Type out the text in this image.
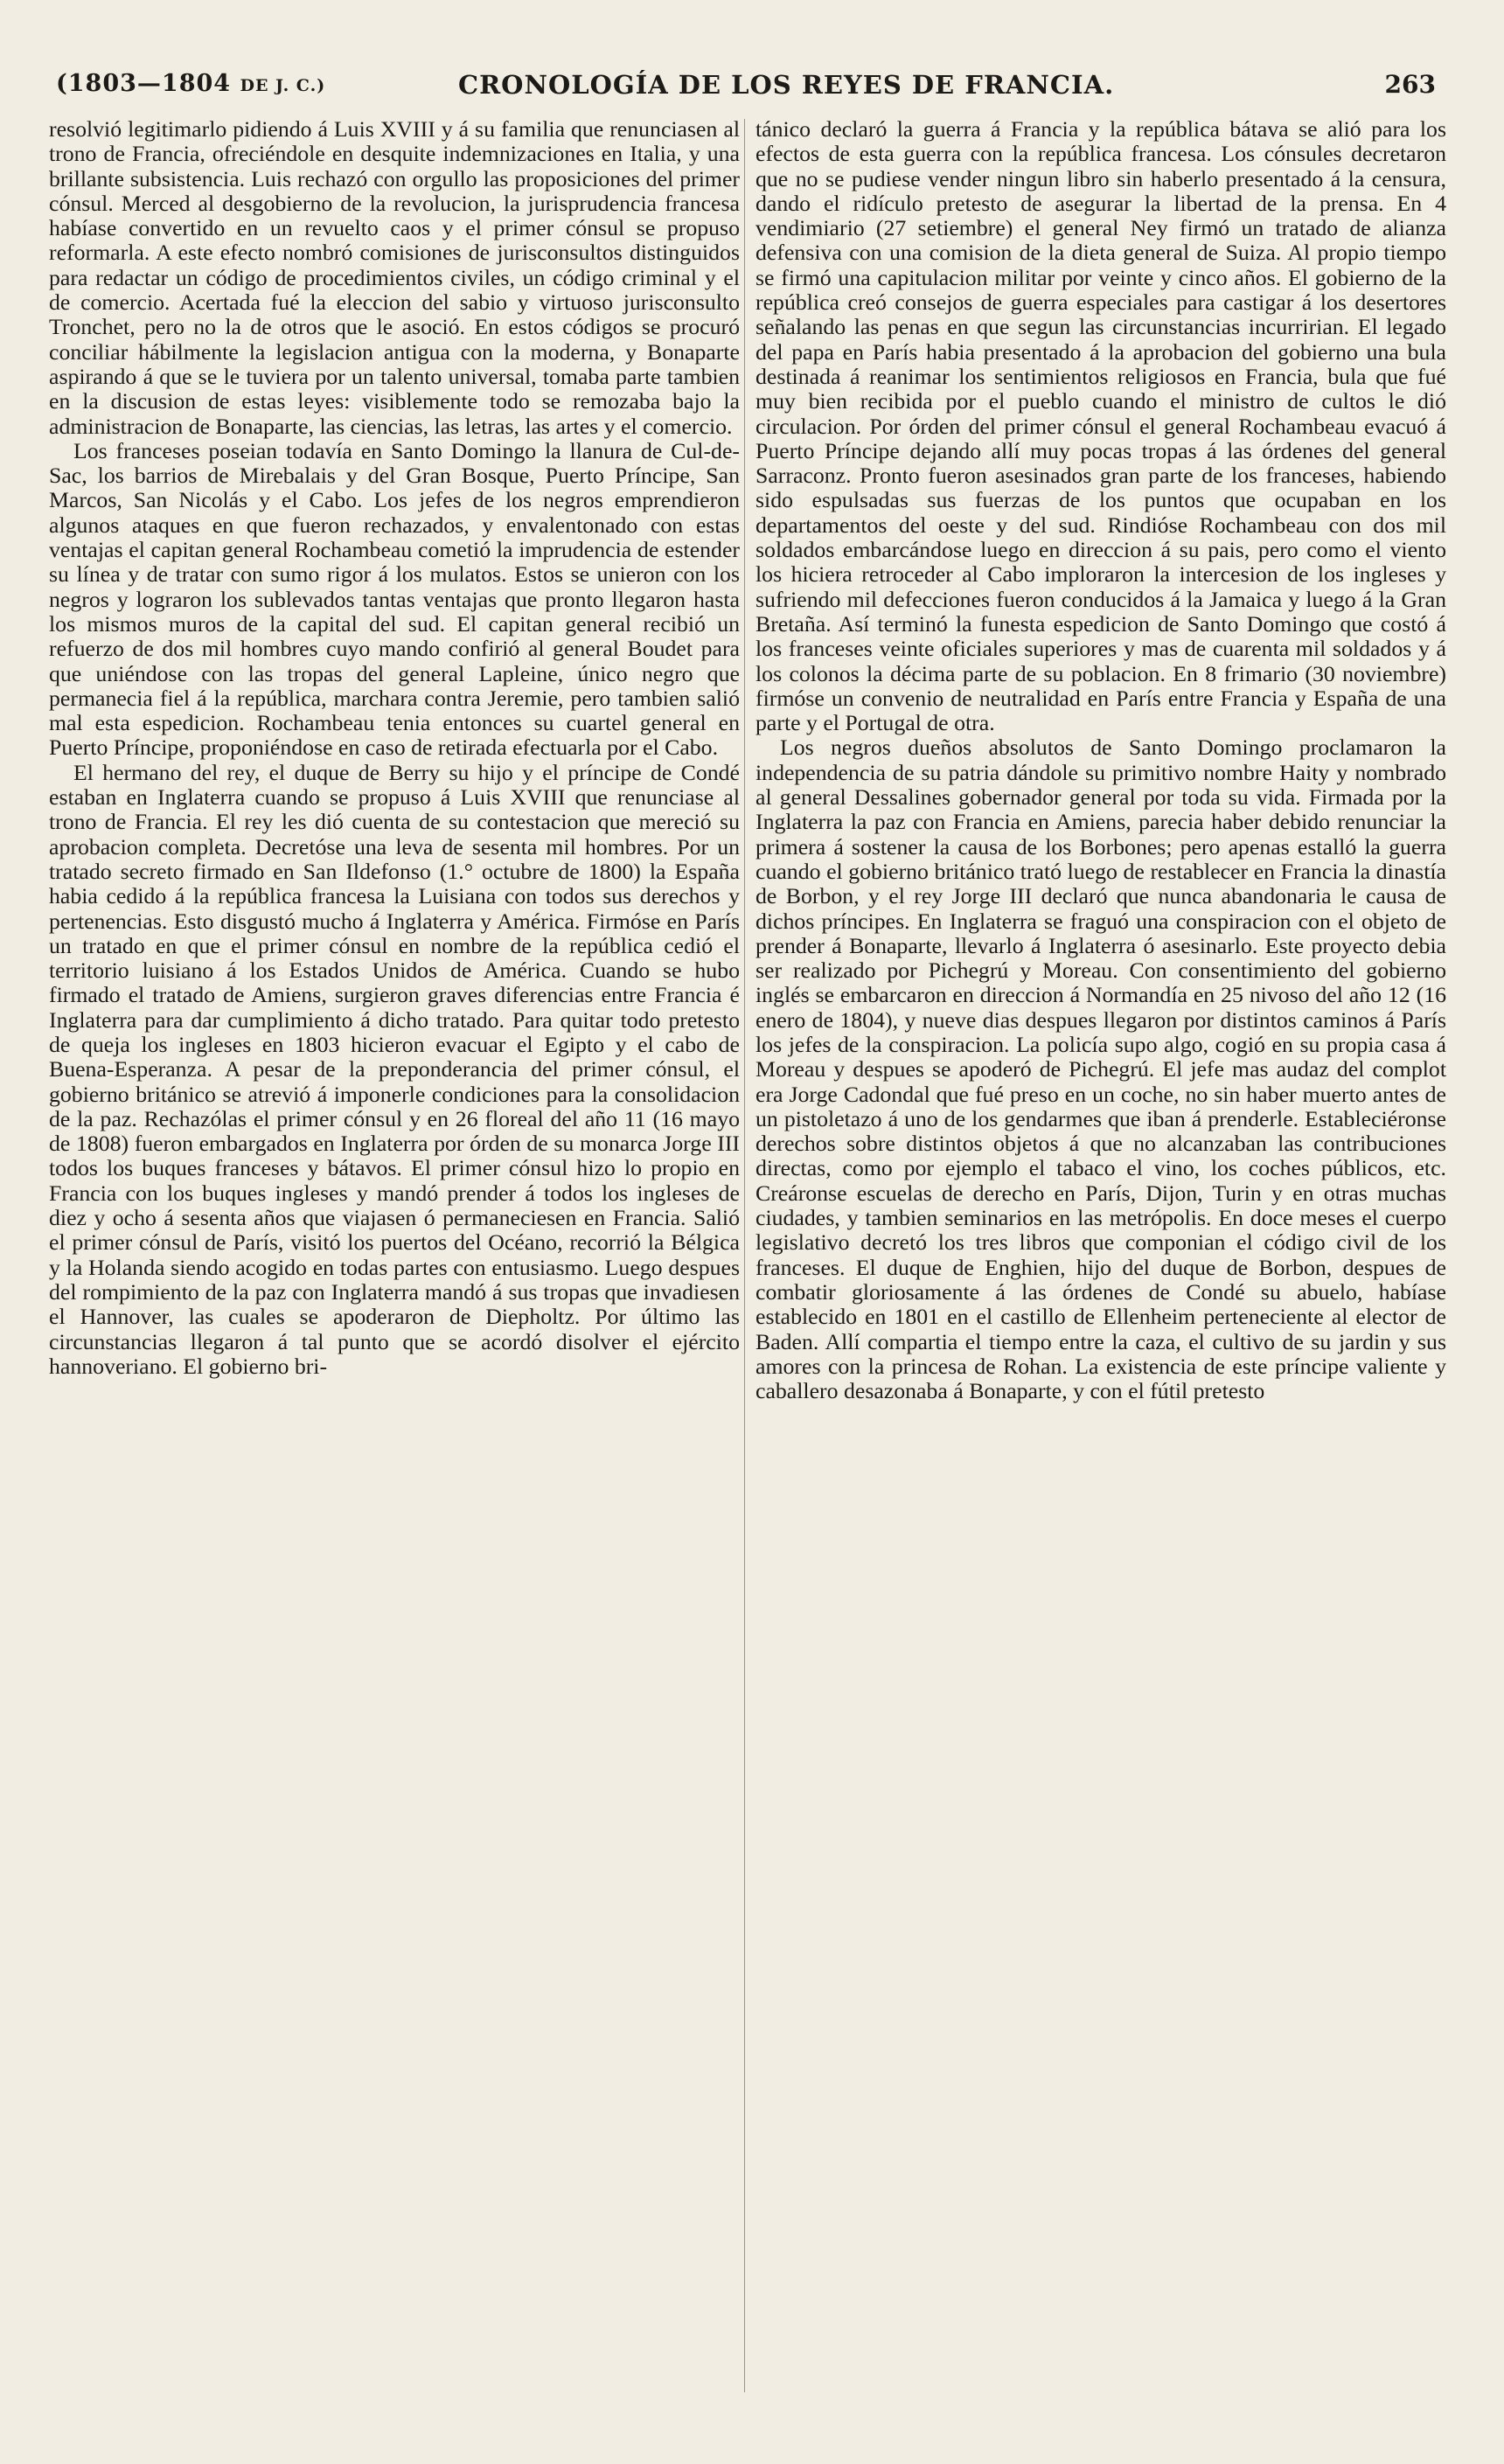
(1803—1804 DE J. C.)	CRONOLOGÍA DE LOS REYES DE FRANCIA.	263

resolvió legitimarlo pidiendo á Luis XVIII y á su familia que renunciasen al trono de Francia, ofreciéndole en desquite indemnizaciones en Italia, y una brillante subsistencia. Luis rechazó con orgullo las proposiciones del primer cónsul. Merced al desgobierno de la revolucion, la jurisprudencia francesa habíase convertido en un revuelto caos y el primer cónsul se propuso reformarla. A este efecto nombró comisiones de jurisconsultos distinguidos para redactar un código de procedimientos civiles, un código criminal y el de comercio. Acertada fué la eleccion del sabio y virtuoso jurisconsulto Tronchet, pero no la de otros que le asoció. En estos códigos se procuró conciliar hábilmente la legislacion antigua con la moderna, y Bonaparte aspirando á que se le tuviera por un talento universal, tomaba parte tambien en la discusion de estas leyes: visiblemente todo se remozaba bajo la administracion de Bonaparte, las ciencias, las letras, las artes y el comercio.

Los franceses poseian todavía en Santo Domingo la llanura de Cul-de-Sac, los barrios de Mirebalais y del Gran Bosque, Puerto Príncipe, San Marcos, San Nicolás y el Cabo. Los jefes de los negros emprendieron algunos ataques en que fueron rechazados, y envalentonado con estas ventajas el capitan general Rochambeau cometió la imprudencia de estender su línea y de tratar con sumo rigor á los mulatos. Estos se unieron con los negros y lograron los sublevados tantas ventajas que pronto llegaron hasta los mismos muros de la capital del sud. El capitan general recibió un refuerzo de dos mil hombres cuyo mando confirió al general Boudet para que uniéndose con las tropas del general Lapleine, único negro que permanecia fiel á la república, marchara contra Jeremie, pero tambien salió mal esta espedicion. Rochambeau tenia entonces su cuartel general en Puerto Príncipe, proponiéndose en caso de retirada efectuarla por el Cabo.

El hermano del rey, el duque de Berry su hijo y el príncipe de Condé estaban en Inglaterra cuando se propuso á Luis XVIII que renunciase al trono de Francia. El rey les dió cuenta de su contestacion que mereció su aprobacion completa. Decretóse una leva de sesenta mil hombres. Por un tratado secreto firmado en San Ildefonso (1.° octubre de 1800) la España habia cedido á la república francesa la Luisiana con todos sus derechos y pertenencias. Esto disgustó mucho á Inglaterra y América. Firmóse en París un tratado en que el primer cónsul en nombre de la república cedió el territorio luisiano á los Estados Unidos de América. Cuando se hubo firmado el tratado de Amiens, surgieron graves diferencias entre Francia é Inglaterra para dar cumplimiento á dicho tratado. Para quitar todo pretesto de queja los ingleses en 1803 hicieron evacuar el Egipto y el cabo de Buena-Esperanza. A pesar de la preponderancia del primer cónsul, el gobierno británico se atrevió á imponerle condiciones para la consolidacion de la paz. Rechazólas el primer cónsul y en 26 floreal del año 11 (16 mayo de 1808) fueron embargados en Inglaterra por órden de su monarca Jorge III todos los buques franceses y bátavos. El primer cónsul hizo lo propio en Francia con los buques ingleses y mandó prender á todos los ingleses de diez y ocho á sesenta años que viajasen ó permaneciesen en Francia. Salió el primer cónsul de París, visitó los puertos del Océano, recorrió la Bélgica y la Holanda siendo acogido en todas partes con entusiasmo. Luego despues del rompimiento de la paz con Inglaterra mandó á sus tropas que invadiesen el Hannover, las cuales se apoderaron de Diepholtz. Por último las circunstancias llegaron á tal punto que se acordó disolver el ejército hannoveriano. El gobierno bri-

tánico declaró la guerra á Francia y la república bátava se alió para los efectos de esta guerra con la república francesa. Los cónsules decretaron que no se pudiese vender ningun libro sin haberlo presentado á la censura, dando el ridículo pretesto de asegurar la libertad de la prensa. En 4 vendimiario (27 setiembre) el general Ney firmó un tratado de alianza defensiva con una comision de la dieta general de Suiza. Al propio tiempo se firmó una capitulacion militar por veinte y cinco años. El gobierno de la república creó consejos de guerra especiales para castigar á los desertores señalando las penas en que segun las circunstancias incurririan. El legado del papa en París habia presentado á la aprobacion del gobierno una bula destinada á reanimar los sentimientos religiosos en Francia, bula que fué muy bien recibida por el pueblo cuando el ministro de cultos le dió circulacion. Por órden del primer cónsul el general Rochambeau evacuó á Puerto Príncipe dejando allí muy pocas tropas á las órdenes del general Sarraconz. Pronto fueron asesinados gran parte de los franceses, habiendo sido espulsadas sus fuerzas de los puntos que ocupaban en los departamentos del oeste y del sud. Rindióse Rochambeau con dos mil soldados embarcándose luego en direccion á su pais, pero como el viento los hiciera retroceder al Cabo imploraron la intercesion de los ingleses y sufriendo mil defecciones fueron conducidos á la Jamaica y luego á la Gran Bretaña. Así terminó la funesta espedicion de Santo Domingo que costó á los franceses veinte oficiales superiores y mas de cuarenta mil soldados y á los colonos la décima parte de su poblacion. En 8 frimario (30 noviembre) firmóse un convenio de neutralidad en París entre Francia y España de una parte y el Portugal de otra.

Los negros dueños absolutos de Santo Domingo proclamaron la independencia de su patria dándole su primitivo nombre Haity y nombrado al general Dessalines gobernador general por toda su vida. Firmada por la Inglaterra la paz con Francia en Amiens, parecia haber debido renunciar la primera á sostener la causa de los Borbones; pero apenas estalló la guerra cuando el gobierno británico trató luego de restablecer en Francia la dinastía de Borbon, y el rey Jorge III declaró que nunca abandonaria le causa de dichos príncipes. En Inglaterra se fraguó una conspiracion con el objeto de prender á Bonaparte, llevarlo á Inglaterra ó asesinarlo. Este proyecto debia ser realizado por Pichegrú y Moreau. Con consentimiento del gobierno inglés se embarcaron en direccion á Normandía en 25 nivoso del año 12 (16 enero de 1804), y nueve dias despues llegaron por distintos caminos á París los jefes de la conspiracion. La policía supo algo, cogió en su propia casa á Moreau y despues se apoderó de Pichegrú. El jefe mas audaz del complot era Jorge Cadondal que fué preso en un coche, no sin haber muerto antes de un pistoletazo á uno de los gendarmes que iban á prenderle. Estableciéronse derechos sobre distintos objetos á que no alcanzaban las contribuciones directas, como por ejemplo el tabaco el vino, los coches públicos, etc. Creáronse escuelas de derecho en París, Dijon, Turin y en otras muchas ciudades, y tambien seminarios en las metrópolis. En doce meses el cuerpo legislativo decretó los tres libros que componian el código civil de los franceses. El duque de Enghien, hijo del duque de Borbon, despues de combatir gloriosamente á las órdenes de Condé su abuelo, habíase establecido en 1801 en el castillo de Ellenheim perteneciente al elector de Baden. Allí compartia el tiempo entre la caza, el cultivo de su jardin y sus amores con la princesa de Rohan. La existencia de este príncipe valiente y caballero desazonaba á Bonaparte, y con el fútil pretesto
